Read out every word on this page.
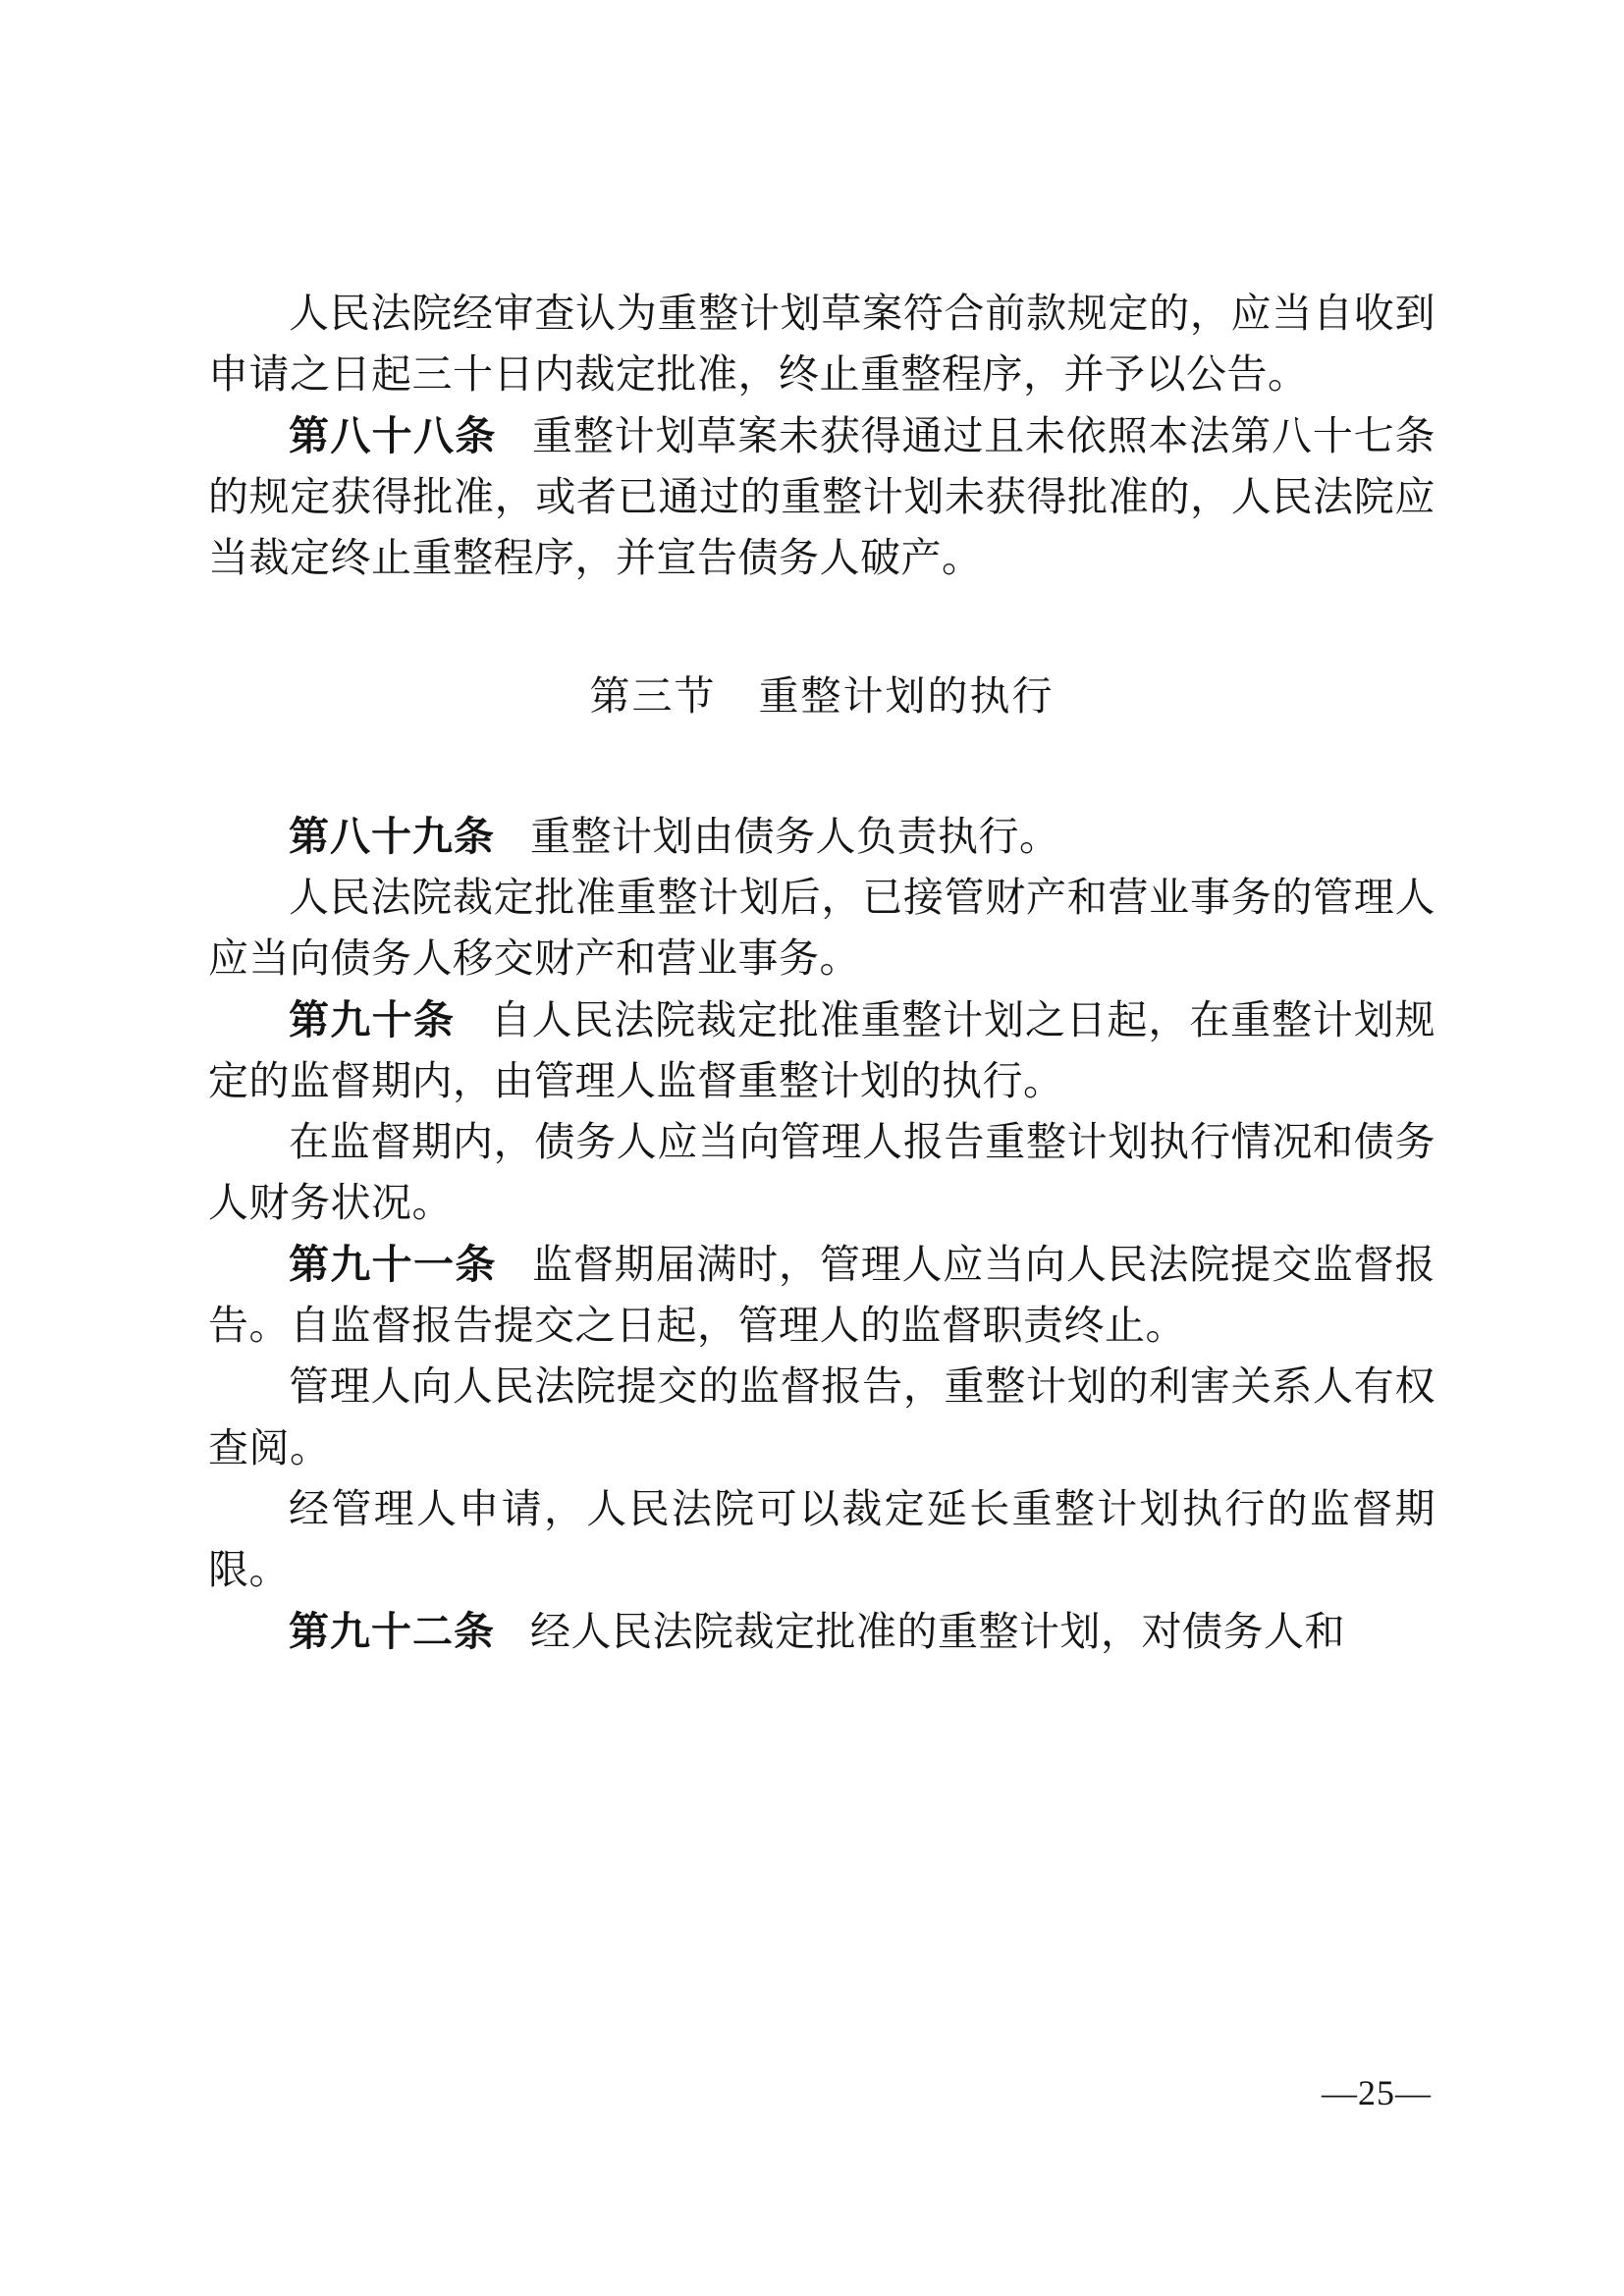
人民法院经审查认为重整计划草案符合前款规定的，应当自收到申请之日起三十日内裁定批准，终止重整程序，并予以公告。

第八十八条 重整计划草案未获得通过且未依照本法第八十七条的规定获得批准，或者已通过的重整计划未获得批准的，人民法院应当裁定终止重整程序，并宣告债务人破产。

第三节　重整计划的执行

第八十九条 重整计划由债务人负责执行。

人民法院裁定批准重整计划后，已接管财产和营业事务的管理人应当向债务人移交财产和营业事务。

第九十条 自人民法院裁定批准重整计划之日起，在重整计划规定的监督期内，由管理人监督重整计划的执行。

在监督期内，债务人应当向管理人报告重整计划执行情况和债务人财务状况。

第九十一条 监督期届满时，管理人应当向人民法院提交监督报告。自监督报告提交之日起，管理人的监督职责终止。

管理人向人民法院提交的监督报告，重整计划的利害关系人有权查阅。

经管理人申请，人民法院可以裁定延长重整计划执行的监督期限。

第九十二条 经人民法院裁定批准的重整计划，对债务人和

—25—
